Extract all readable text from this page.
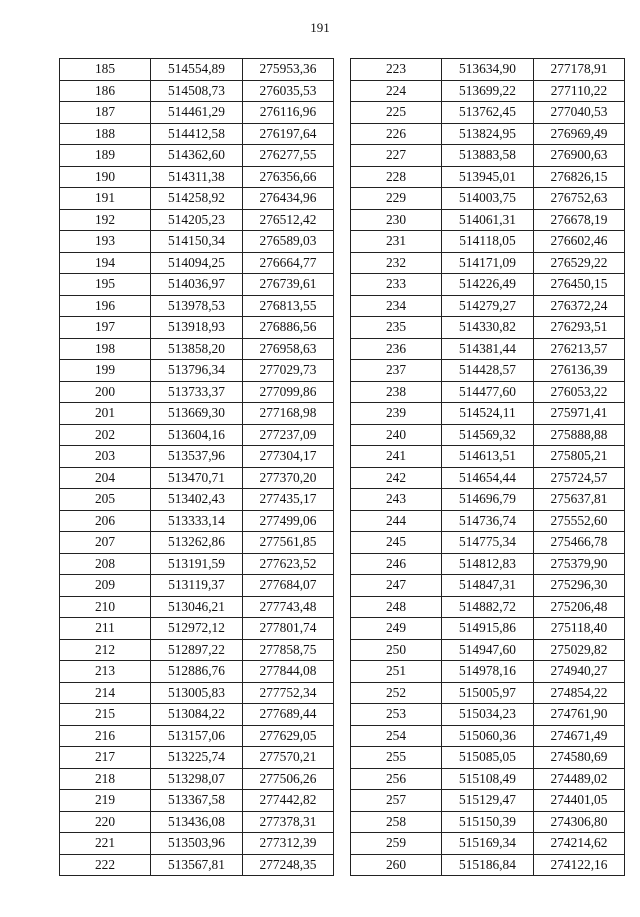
191
185	514554,89	275953,36
186	514508,73	276035,53
187	514461,29	276116,96
188	514412,58	276197,64
189	514362,60	276277,55
190	514311,38	276356,66
191	514258,92	276434,96
192	514205,23	276512,42
193	514150,34	276589,03
194	514094,25	276664,77
195	514036,97	276739,61
196	513978,53	276813,55
197	513918,93	276886,56
198	513858,20	276958,63
199	513796,34	277029,73
200	513733,37	277099,86
201	513669,30	277168,98
202	513604,16	277237,09
203	513537,96	277304,17
204	513470,71	277370,20
205	513402,43	277435,17
206	513333,14	277499,06
207	513262,86	277561,85
208	513191,59	277623,52
209	513119,37	277684,07
210	513046,21	277743,48
211	512972,12	277801,74
212	512897,22	277858,75
213	512886,76	277844,08
214	513005,83	277752,34
215	513084,22	277689,44
216	513157,06	277629,05
217	513225,74	277570,21
218	513298,07	277506,26
219	513367,58	277442,82
220	513436,08	277378,31
221	513503,96	277312,39
222	513567,81	277248,35
223	513634,90	277178,91
224	513699,22	277110,22
225	513762,45	277040,53
226	513824,95	276969,49
227	513883,58	276900,63
228	513945,01	276826,15
229	514003,75	276752,63
230	514061,31	276678,19
231	514118,05	276602,46
232	514171,09	276529,22
233	514226,49	276450,15
234	514279,27	276372,24
235	514330,82	276293,51
236	514381,44	276213,57
237	514428,57	276136,39
238	514477,60	276053,22
239	514524,11	275971,41
240	514569,32	275888,88
241	514613,51	275805,21
242	514654,44	275724,57
243	514696,79	275637,81
244	514736,74	275552,60
245	514775,34	275466,78
246	514812,83	275379,90
247	514847,31	275296,30
248	514882,72	275206,48
249	514915,86	275118,40
250	514947,60	275029,82
251	514978,16	274940,27
252	515005,97	274854,22
253	515034,23	274761,90
254	515060,36	274671,49
255	515085,05	274580,69
256	515108,49	274489,02
257	515129,47	274401,05
258	515150,39	274306,80
259	515169,34	274214,62
260	515186,84	274122,16
